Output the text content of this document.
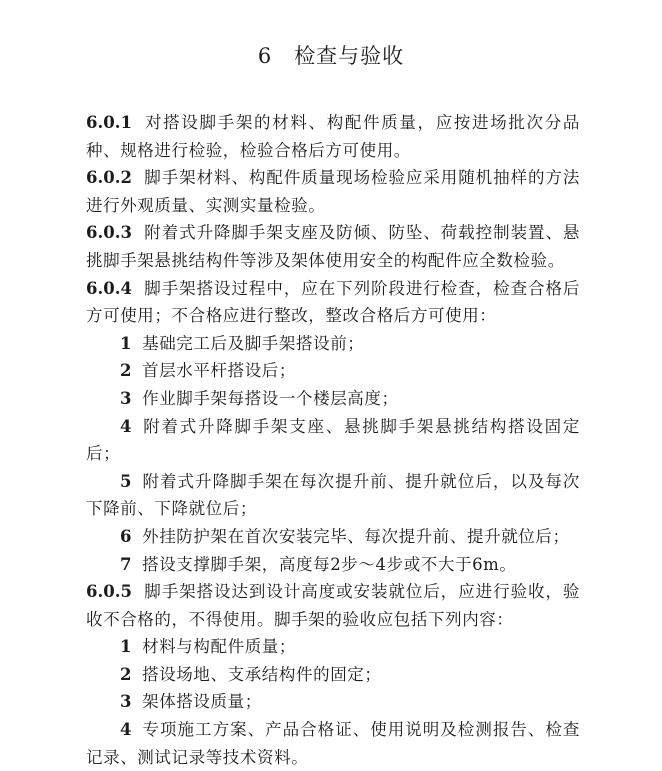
6 检查与验收

6.0.1 对搭设脚手架的材料、构配件质量，应按进场批次分品种、规格进行检验，检验合格后方可使用。

6.0.2 脚手架材料、构配件质量现场检验应采用随机抽样的方法进行外观质量、实测实量检验。

6.0.3 附着式升降脚手架支座及防倾、防坠、荷载控制装置、悬挑脚手架悬挑结构件等涉及架体使用安全的构配件应全数检验。

6.0.4 脚手架搭设过程中，应在下列阶段进行检查，检查合格后方可使用；不合格应进行整改，整改合格后方可使用：

1 基础完工后及脚手架搭设前；

2 首层水平杆搭设后；

3 作业脚手架每搭设一个楼层高度；

4 附着式升降脚手架支座、悬挑脚手架悬挑结构搭设固定后；

5 附着式升降脚手架在每次提升前、提升就位后，以及每次下降前、下降就位后；

6 外挂防护架在首次安装完毕、每次提升前、提升就位后；

7 搭设支撑脚手架，高度每2步～4步或不大于6m。

6.0.5 脚手架搭设达到设计高度或安装就位后，应进行验收，验收不合格的，不得使用。脚手架的验收应包括下列内容：

1 材料与构配件质量；

2 搭设场地、支承结构件的固定；

3 架体搭设质量；

4 专项施工方案、产品合格证、使用说明及检测报告、检查记录、测试记录等技术资料。
